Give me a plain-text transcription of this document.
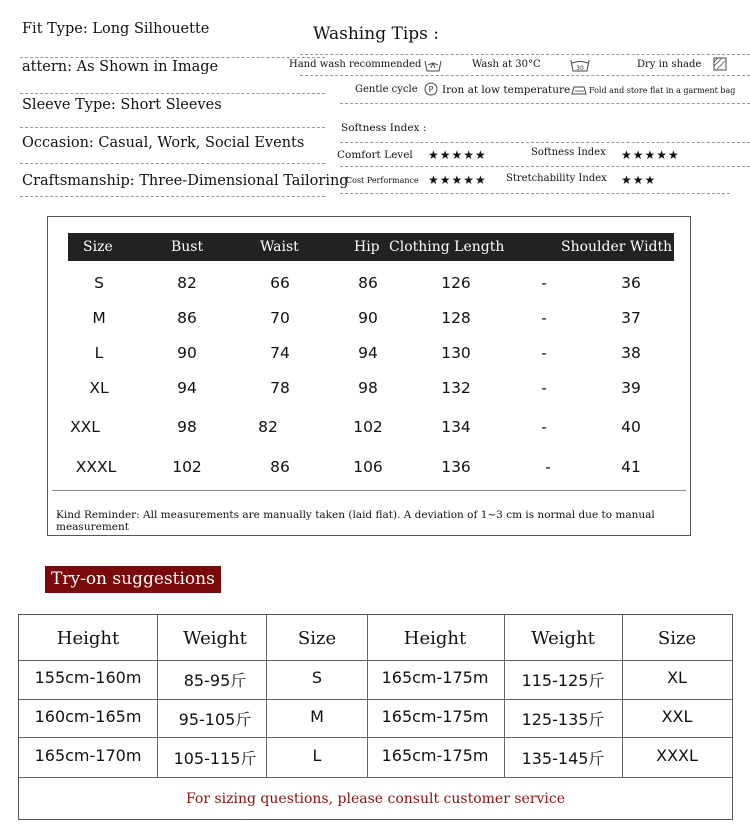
Fit Type: Long Silhouette
attern: As Shown in Image
Sleeve Type: Short Sleeves
Occasion: Casual, Work, Social Events
Craftsmanship: Three-Dimensional Tailoring
Washing Tips :
Hand wash recommended	Wash at 30°C	30	Dry in shade
Gentle cycle P Iron at low temperature Fold and store flat in a garment bag
Softness Index :
Comfort Level ★★★★★	Softness Index ★★★★★
Cost Performance ★★★★★ Stretchability Index ★★★
Size	Bust	Waist	Hip Clothing Length	Shoulder Width
S	82	66	86	126	-	36
M	86	70	90	128	-	37
L	90	74	94	130	-	38
XL	94	78	98	132	-	39
XXL	98	82	102	134	-	40
XXXL	102	86	106	136	-	41
Kind Reminder: All measurements are manually taken (laid flat). A deviation of 1~3 cm is normal due to manual measurement
Try-on suggestions
Height	Weight	Size	Height	Weight	Size
155cm-160m	85-95斤	S	165cm-175m 115-125斤	XL
160cm-165m 95-105斤	M	165cm-175m 125-135斤	XXL
165cm-170m 105-115斤	L	165cm-175m 135-145斤	XXXL
For sizing questions, please consult customer service
